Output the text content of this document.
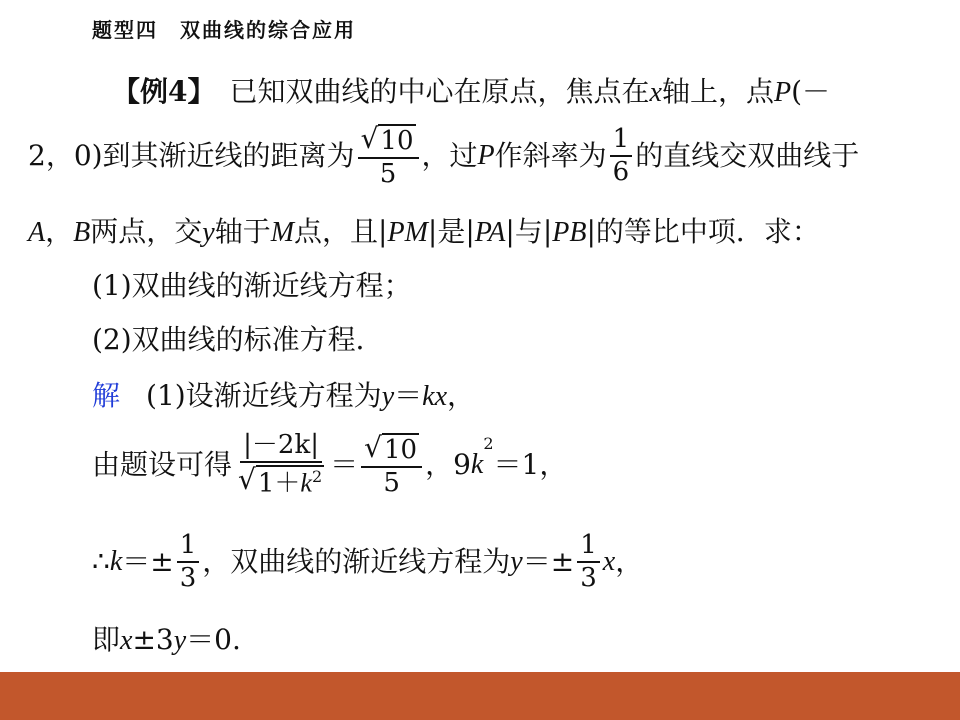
题型四　双曲线的综合应用
【例4】 已知双曲线的中心在原点，焦点在x轴上，点P(－
2，0)到其渐近线的距离为 $\frac{√ 10}{5}$ ，过 P 作斜率为 $\frac{1}{6}$ 的直线交双曲线于
A，B两点，交y轴于M点，且|PM|是|PA|与|PB|的等比中项．求：
(1)双曲线的渐近线方程；
(2)双曲线的标准方程．
解 (1)设渐近线方程为y＝kx，
由题设可得 $\frac{|-2k|}{√ 1+k^2} = \frac{√ 10}{5}$ ，9 k
$^2$
＝1，
∴ $k =\pm \frac{1}{3}$ ，双曲线的渐近线方程为 $y =\pm \frac{1}{3}$ x ，
即x±3y＝0.
